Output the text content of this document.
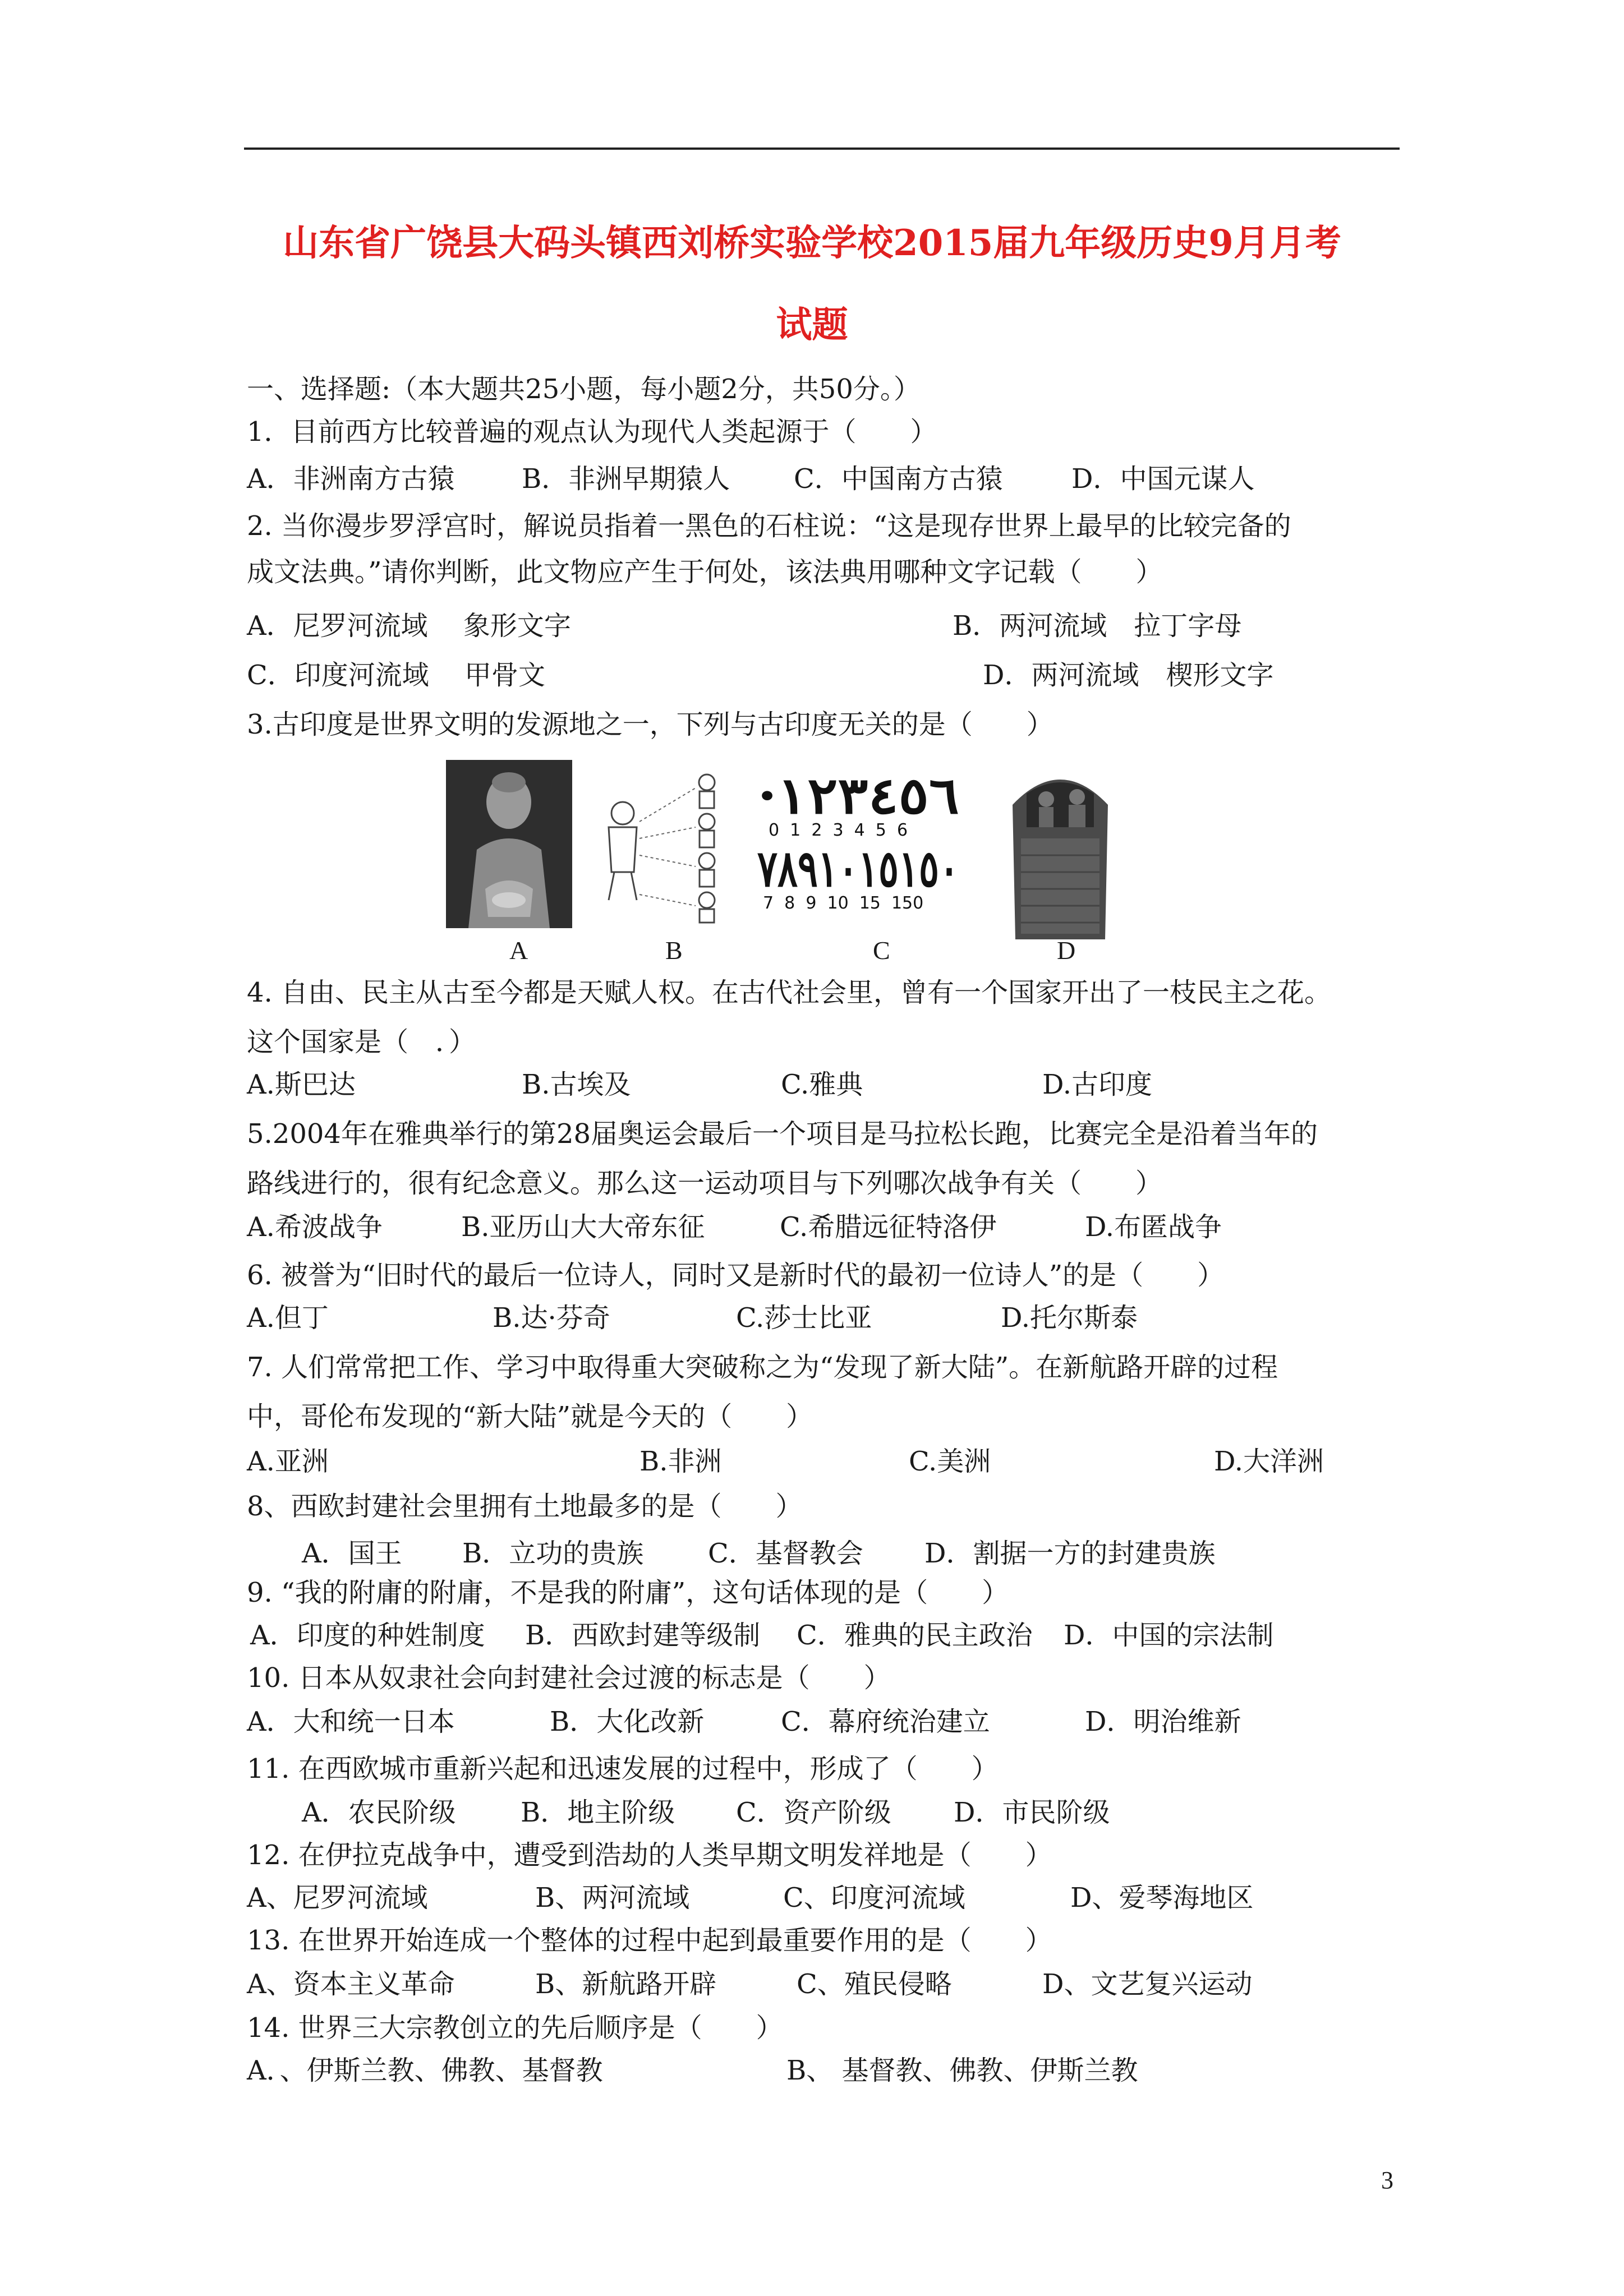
山东省广饶县大码头镇西刘桥实验学校2015届九年级历史9月月考
试题
一、选择题:（本大题共25小题，每小题2分，共50分。）
1．目前西方比较普遍的观点认为现代人类起源于（　　）
A．非洲南方古猿 B．非洲早期猿人 C．中国南方古猿	D．中国元谋人
2. 当你漫步罗浮宫时，解说员指着一黑色的石柱说：“这是现存世界上最早的比较完备的
成文法典。”请你判断，此文物应产生于何处，该法典用哪种文字记载（　　）
A．尼罗河流域　 象形文字	B．两河流域　拉丁字母
C．印度河流域　 甲骨文	D．两河流域　楔形文字
3.古印度是世界文明的发源地之一，下列与古印度无关的是（　　）
·١٢٣٤٥٦
٧٨٩١٠١٥١٥٠
0  1  2  3  4  5  6
7  8  9  10  15  150
A	B	C	D
4. 自由、民主从古至今都是天赋人权。在古代社会里，曾有一个国家开出了一枝民主之花。
这个国家是（　．）
A.斯巴达	B.古埃及	C.雅典	D.古印度
5.2004年在雅典举行的第28届奥运会最后一个项目是马拉松长跑，比赛完全是沿着当年的
路线进行的，很有纪念意义。那么这一运动项目与下列哪次战争有关（　　）
A.希波战争	B.亚历山大大帝东征	C.希腊远征特洛伊	D.布匿战争
6. 被誉为“旧时代的最后一位诗人，同时又是新时代的最初一位诗人”的是（　　）
A.但丁	B.达·芬奇	C.莎士比亚	D.托尔斯泰
7. 人们常常把工作、学习中取得重大突破称之为“发现了新大陆”。在新航路开辟的过程
中，哥伦布发现的“新大陆”就是今天的（　　）
A.亚洲	B.非洲	C.美洲	D.大洋洲
8、西欧封建社会里拥有土地最多的是（　　）
A．国王 B．立功的贵族 C．基督教会 D．割据一方的封建贵族
9. “我的附庸的附庸，不是我的附庸”，这句话体现的是（　　）
A．印度的种姓制度 B．西欧封建等级制 C．雅典的民主政治 D．中国的宗法制
10. 日本从奴隶社会向封建社会过渡的标志是（　　）
A．大和统一日本	B．大化改新	C．幕府统治建立	D．明治维新
11. 在西欧城市重新兴起和迅速发展的过程中，形成了（　　）
A．农民阶级 B．地主阶级 C．资产阶级 D．市民阶级
12. 在伊拉克战争中，遭受到浩劫的人类早期文明发祥地是（　　）
A、尼罗河流域	B、两河流域	C、印度河流域	D、爱琴海地区
13. 在世界开始连成一个整体的过程中起到最重要作用的是（　　）
A、资本主义革命	B、新航路开辟	C、殖民侵略	D、文艺复兴运动
14. 世界三大宗教创立的先后顺序是（　　）
A．、伊斯兰教、佛教、基督教	B、 基督教、佛教、伊斯兰教
3
